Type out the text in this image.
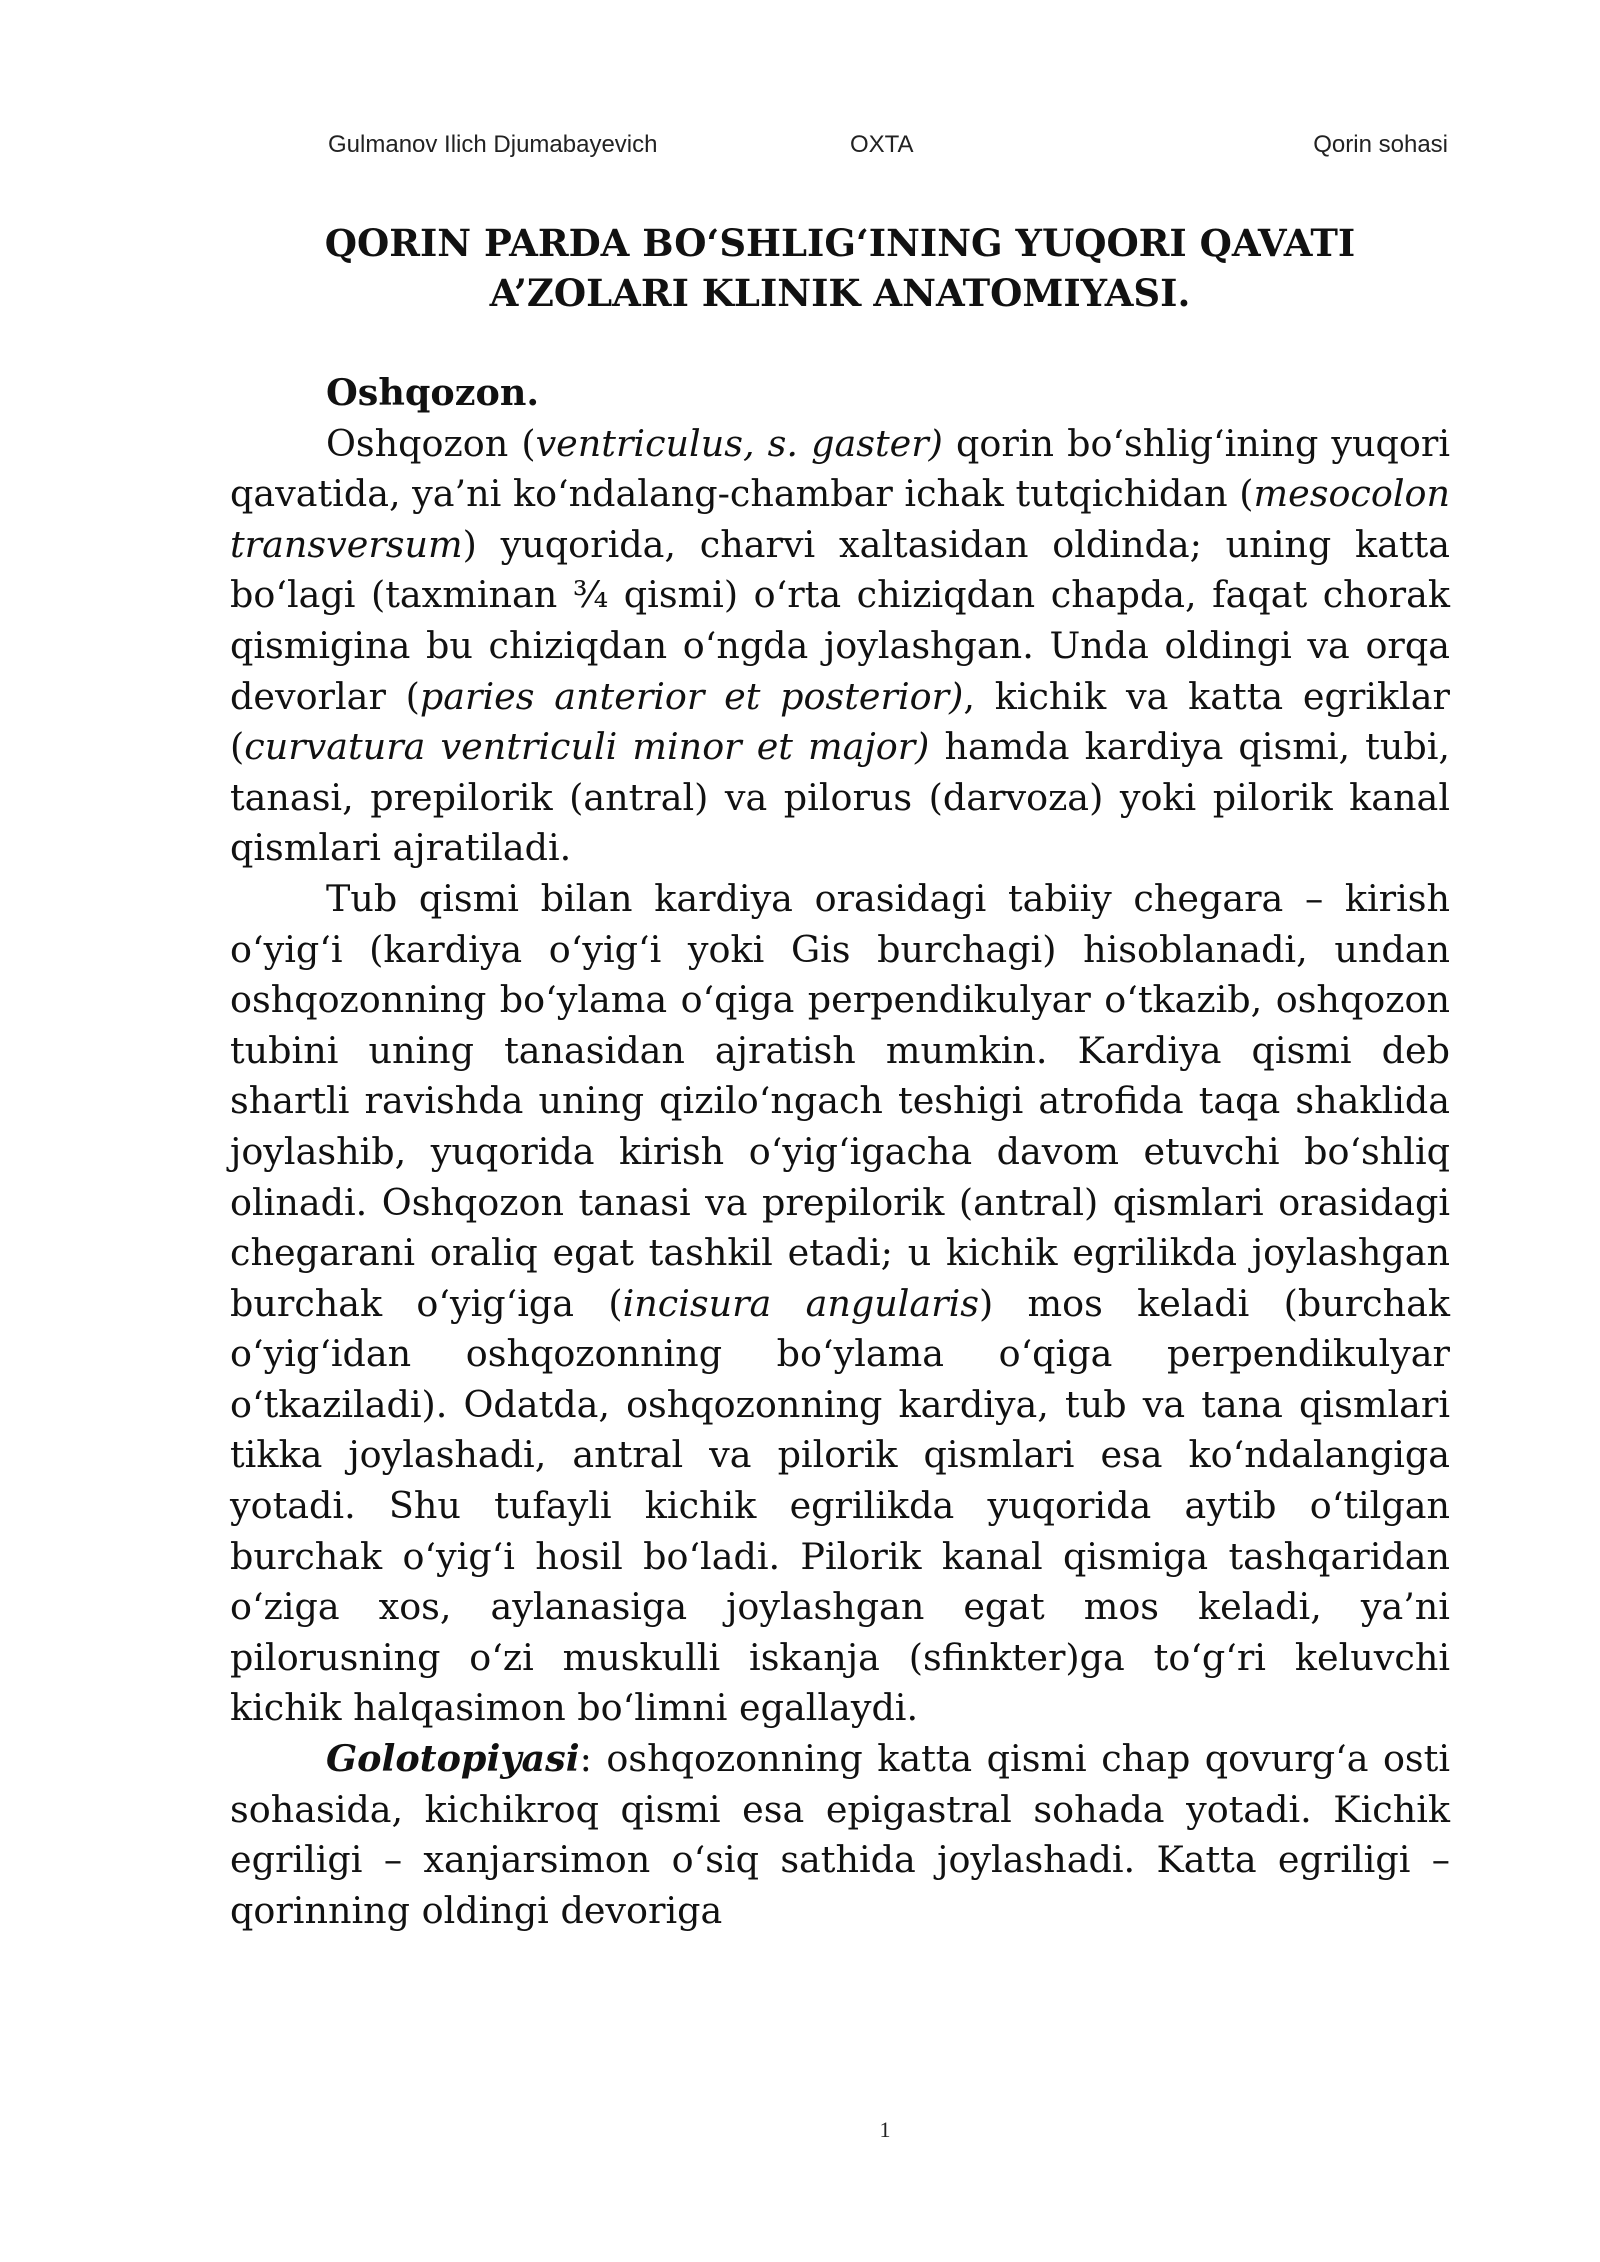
Gulmanov Ilich Djumabayevich	OXTA	Qorin sohasi
QORIN PARDA BO‘SHLIG‘INING YUQORI QAVATI
A’ZOLARI KLINIK ANATOMIYASI.

Oshqozon.

Oshqozon (ventriculus, s. gaster) qorin bo‘shlig‘ining yuqori qavatida, ya’ni ko‘ndalang-chambar ichak tutqichidan (mesocolon transversum) yuqorida, charvi xaltasidan oldinda; uning katta bo‘lagi (taxminan ¾ qismi) o‘rta chiziqdan chapda, faqat chorak qismigina bu chiziqdan o‘ngda joylashgan. Unda oldingi va orqa devorlar (paries anterior et posterior), kichik va katta egriklar (curvatura ventriculi minor et major) hamda kardiya qismi, tubi, tanasi, prepilorik (antral) va pilorus (darvoza) yoki pilorik kanal qismlari ajratiladi.

Tub qismi bilan kardiya orasidagi tabiiy chegara – kirish o‘yig‘i (kardiya o‘yig‘i yoki Gis burchagi) hisoblanadi, undan oshqozonning bo‘ylama o‘qiga perpendikulyar o‘tkazib, oshqozon tubini uning tanasidan ajratish mumkin. Kardiya qismi deb shartli ravishda uning qizilo‘ngach teshigi atrofida taqa shaklida joylashib, yuqorida kirish o‘yig‘igacha davom etuvchi bo‘shliq olinadi. Oshqozon tanasi va prepilorik (antral) qismlari orasidagi chegarani oraliq egat tashkil etadi; u kichik egrilikda joylashgan burchak o‘yig‘iga (incisura angularis) mos keladi (burchak o‘yig‘idan oshqozonning bo‘ylama o‘qiga perpendikulyar o‘tkaziladi). Odatda, oshqozonning kardiya, tub va tana qismlari tikka joylashadi, antral va pilorik qismlari esa ko‘ndalangiga yotadi. Shu tufayli kichik egrilikda yuqorida aytib o‘tilgan burchak o‘yig‘i hosil bo‘ladi. Pilorik kanal qismiga tashqaridan o‘ziga xos, aylanasiga joylashgan egat mos keladi, ya’ni pilorusning o‘zi muskulli iskanja (sfinkter)ga to‘g‘ri keluvchi kichik halqasimon bo‘limni egallaydi.

Golotopiyasi: oshqozonning katta qismi chap qovurg‘a osti sohasida, kichikroq qismi esa epigastral sohada yotadi. Kichik egriligi – xanjarsimon o‘siq sathida joylashadi. Katta egriligi – qorinning oldingi devoriga

1
